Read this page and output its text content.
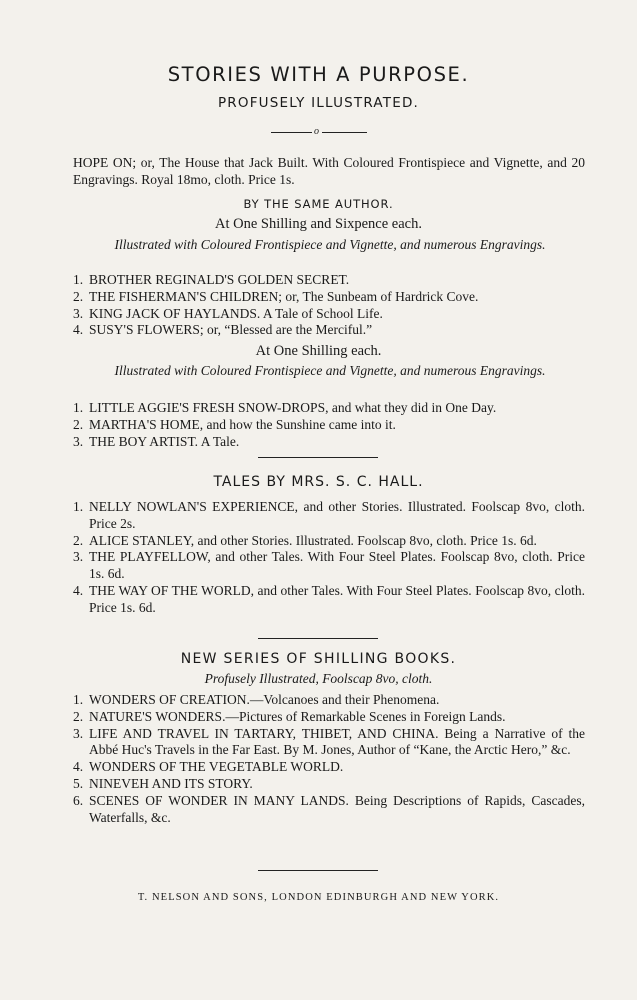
STORIES WITH A PURPOSE.
PROFUSELY ILLUSTRATED.
o
HOPE ON; or, The House that Jack Built. With Coloured Frontispiece and Vignette, and 20 Engravings. Royal 18mo, cloth. Price 1s.
BY THE SAME AUTHOR.
At One Shilling and Sixpence each.
Illustrated with Coloured Frontispiece and Vignette, and numerous Engravings.
1. BROTHER REGINALD'S GOLDEN SECRET.
2. THE FISHERMAN'S CHILDREN; or, The Sunbeam of Hardrick Cove.
3. KING JACK OF HAYLANDS. A Tale of School Life.
4. SUSY'S FLOWERS; or, “Blessed are the Merciful.”
At One Shilling each.
Illustrated with Coloured Frontispiece and Vignette, and numerous Engravings.
1. LITTLE AGGIE'S FRESH SNOW-DROPS, and what they did in One Day.
2. MARTHA'S HOME, and how the Sunshine came into it.
3. THE BOY ARTIST. A Tale.
TALES BY MRS. S. C. HALL.
1. NELLY NOWLAN'S EXPERIENCE, and other Stories. Illustrated. Foolscap 8vo, cloth. Price 2s.
2. ALICE STANLEY, and other Stories. Illustrated. Foolscap 8vo, cloth. Price 1s. 6d.
3. THE PLAYFELLOW, and other Tales. With Four Steel Plates. Foolscap 8vo, cloth. Price 1s. 6d.
4. THE WAY OF THE WORLD, and other Tales. With Four Steel Plates. Foolscap 8vo, cloth. Price 1s. 6d.
NEW SERIES OF SHILLING BOOKS.
Profusely Illustrated, Foolscap 8vo, cloth.
1. WONDERS OF CREATION.—Volcanoes and their Phenomena.
2. NATURE'S WONDERS.—Pictures of Remarkable Scenes in Foreign Lands.
3. LIFE AND TRAVEL IN TARTARY, THIBET, AND CHINA. Being a Narrative of the Abbé Huc's Travels in the Far East. By M. Jones, Author of “Kane, the Arctic Hero,” &c.
4. WONDERS OF THE VEGETABLE WORLD.
5. NINEVEH AND ITS STORY.
6. SCENES OF WONDER IN MANY LANDS. Being Descriptions of Rapids, Cascades, Waterfalls, &c.
T. NELSON AND SONS, LONDON EDINBURGH AND NEW YORK.
